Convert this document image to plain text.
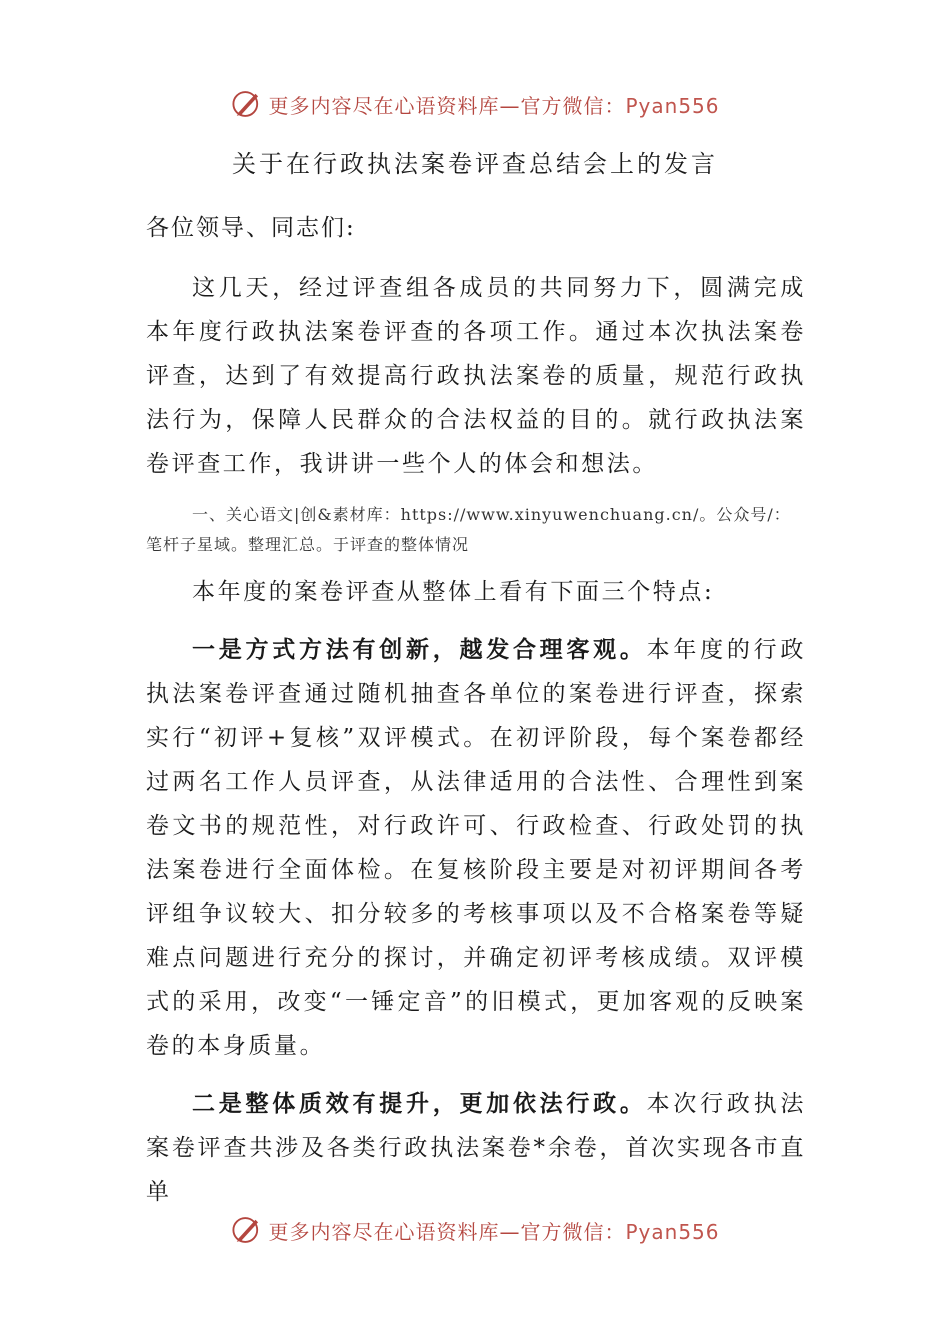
更多内容尽在心语资料库—官方微信：Pyan556
关于在行政执法案卷评查总结会上的发言
各位领导、同志们:

这几天，经过评查组各成员的共同努力下，圆满完成本年度行政执法案卷评查的各项工作。通过本次执法案卷评查，达到了有效提高行政执法案卷的质量，规范行政执法行为，保障人民群众的合法权益的目的。就行政执法案卷评查工作，我讲讲一些个人的体会和想法。

一、关心语文|创&素材库：https://www.xinyuwenchuang.cn/。公众号/：笔杆子星域。整理汇总。于评查的整体情况

本年度的案卷评查从整体上看有下面三个特点:

一是方式方法有创新，越发合理客观。本年度的行政执法案卷评查通过随机抽查各单位的案卷进行评查，探索实行“初评+复核”双评模式。在初评阶段，每个案卷都经过两名工作人员评查，从法律适用的合法性、合理性到案卷文书的规范性，对行政许可、行政检查、行政处罚的执法案卷进行全面体检。在复核阶段主要是对初评期间各考评组争议较大、扣分较多的考核事项以及不合格案卷等疑难点问题进行充分的探讨，并确定初评考核成绩。双评模式的采用，改变“一锤定音”的旧模式，更加客观的反映案卷的本身质量。

二是整体质效有提升，更加依法行政。本次行政执法案卷评查共涉及各类行政执法案卷*余卷，首次实现各市直单

更多内容尽在心语资料库—官方微信：Pyan556
